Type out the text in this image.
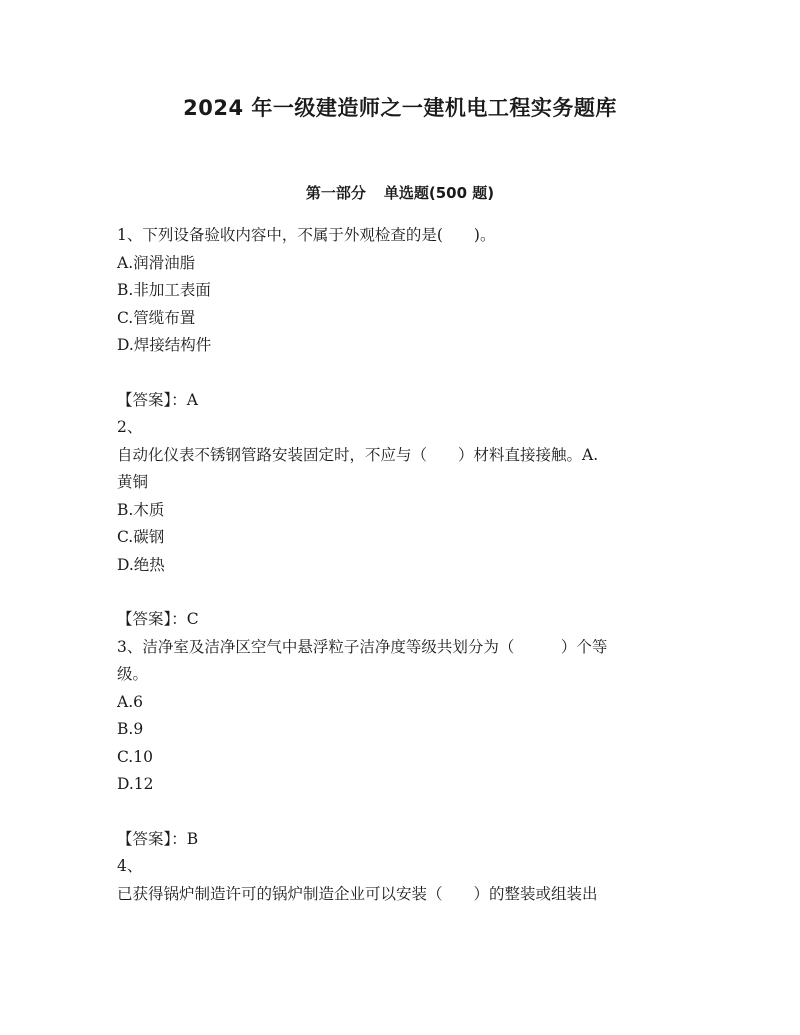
2024 年一级建造师之一建机电工程实务题库
第一部分 单选题(500 题)
1、下列设备验收内容中，不属于外观检查的是(　　)。
A.润滑油脂
B.非加工表面
C.管缆布置
D.焊接结构件
【答案】：A
2、
自动化仪表不锈钢管路安装固定时，不应与（　　）材料直接接触。A.
黄铜
B.木质
C.碳钢
D.绝热
【答案】：C
3、洁净室及洁净区空气中悬浮粒子洁净度等级共划分为（　　　）个等
级。
A.6
B.9
C.10
D.12
【答案】：B
4、
已获得锅炉制造许可的锅炉制造企业可以安装（　　）的整装或组装出
